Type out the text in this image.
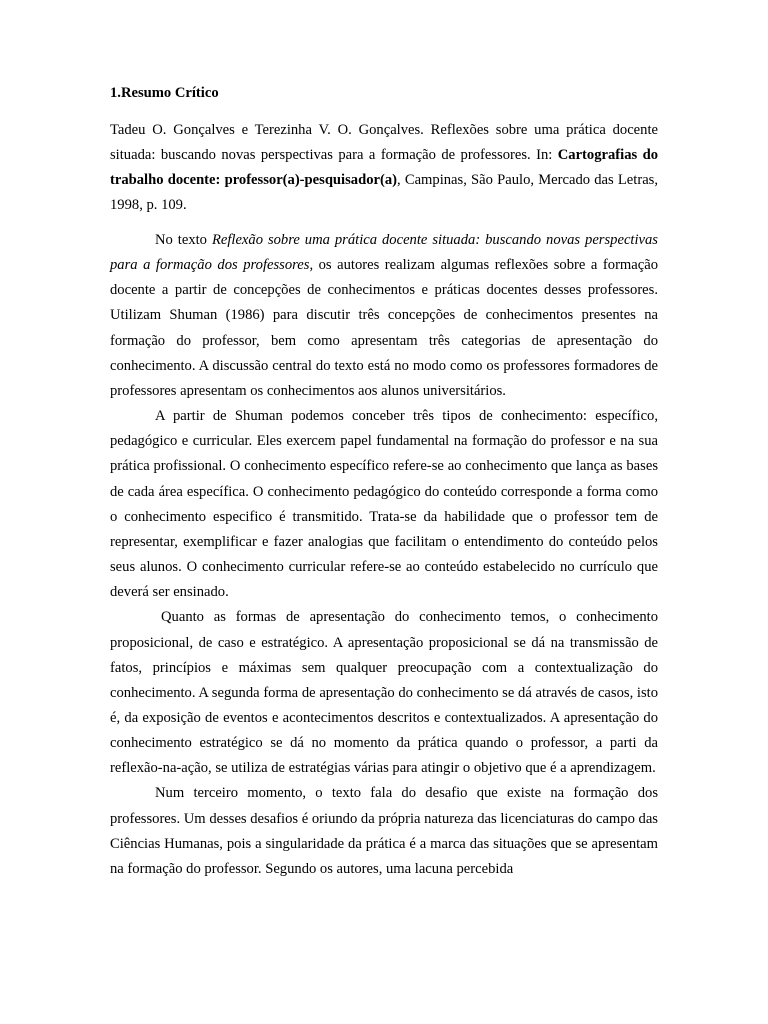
1.Resumo Crítico

Tadeu O. Gonçalves e Terezinha V. O. Gonçalves. Reflexões sobre uma prática docente situada: buscando novas perspectivas para a formação de professores. In: Cartografias do trabalho docente: professor(a)-pesquisador(a), Campinas, São Paulo, Mercado das Letras, 1998, p. 109.

No texto Reflexão sobre uma prática docente situada: buscando novas perspectivas para a formação dos professores, os autores realizam algumas reflexões sobre a formação docente a partir de concepções de conhecimentos e práticas docentes desses professores. Utilizam Shuman (1986) para discutir três concepções de conhecimentos presentes na formação do professor, bem como apresentam três categorias de apresentação do conhecimento. A discussão central do texto está no modo como os professores formadores de professores apresentam os conhecimentos aos alunos universitários.

A partir de Shuman podemos conceber três tipos de conhecimento: específico, pedagógico e curricular. Eles exercem papel fundamental na formação do professor e na sua prática profissional. O conhecimento específico refere-se ao conhecimento que lança as bases de cada área específica. O conhecimento pedagógico do conteúdo corresponde a forma como o conhecimento especifico é transmitido. Trata-se da habilidade que o professor tem de representar, exemplificar e fazer analogias que facilitam o entendimento do conteúdo pelos seus alunos. O conhecimento curricular refere-se ao conteúdo estabelecido no currículo que deverá ser ensinado.

Quanto as formas de apresentação do conhecimento temos, o conhecimento proposicional, de caso e estratégico. A apresentação proposicional se dá na transmissão de fatos, princípios e máximas sem qualquer preocupação com a contextualização do conhecimento. A segunda forma de apresentação do conhecimento se dá através de casos, isto é, da exposição de eventos e acontecimentos descritos e contextualizados. A apresentação do conhecimento estratégico se dá no momento da prática quando o professor, a parti da reflexão-na-ação, se utiliza de estratégias várias para atingir o objetivo que é a aprendizagem.

Num terceiro momento, o texto fala do desafio que existe na formação dos professores. Um desses desafios é oriundo da própria natureza das licenciaturas do campo das Ciências Humanas, pois a singularidade da prática é a marca das situações que se apresentam na formação do professor. Segundo os autores, uma lacuna percebida
